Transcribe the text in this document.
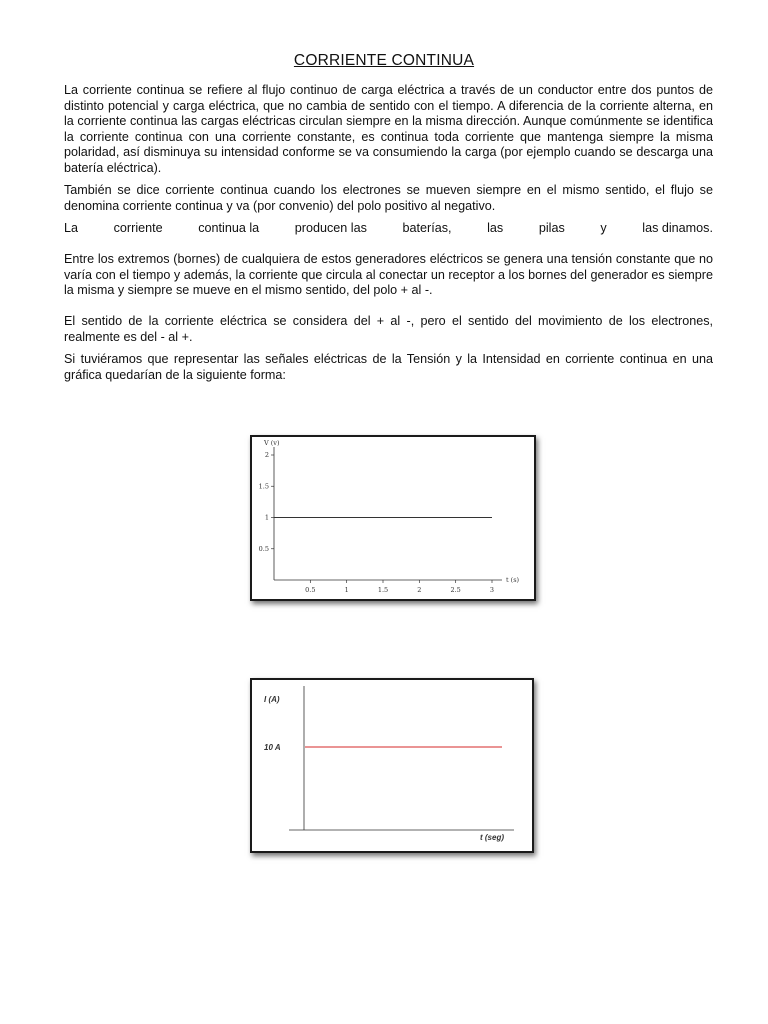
CORRIENTE CONTINUA

La corriente continua se refiere al flujo continuo de carga eléctrica a través de un conductor entre dos puntos de distinto potencial y carga eléctrica, que no cambia de sentido con el tiempo. A diferencia de la corriente alterna, en la corriente continua las cargas eléctricas circulan siempre en la misma dirección. Aunque comúnmente se identifica la corriente continua con una corriente constante, es continua toda corriente que mantenga siempre la misma polaridad, así disminuya su intensidad conforme se va consumiendo la carga (por ejemplo cuando se descarga una batería eléctrica).

También se dice corriente continua cuando los electrones se mueven siempre en el mismo sentido, el flujo se denomina corriente continua y va (por convenio) del polo positivo al negativo.

La	corriente	continua la	producen las	baterías,	las	pilas	y	las dinamos.

Entre los extremos (bornes) de cualquiera de estos generadores eléctricos se genera una tensión constante que no varía con el tiempo y además, la corriente que circula al conectar un receptor a los bornes del generador es siempre la misma y siempre se mueve en el mismo sentido, del polo + al -.

El sentido de la corriente eléctrica se considera del + al -, pero el sentido del movimiento de los electrones, realmente es del - al +.

Si tuviéramos que representar las señales eléctricas de la Tensión y la Intensidad en corriente continua en una gráfica quedarían de la siguiente forma:

V (v)
t (s)
0.5	1	1.5	2	2.5	3
2
1.5
1
0.5
I (A)
t (seg)
10 A
